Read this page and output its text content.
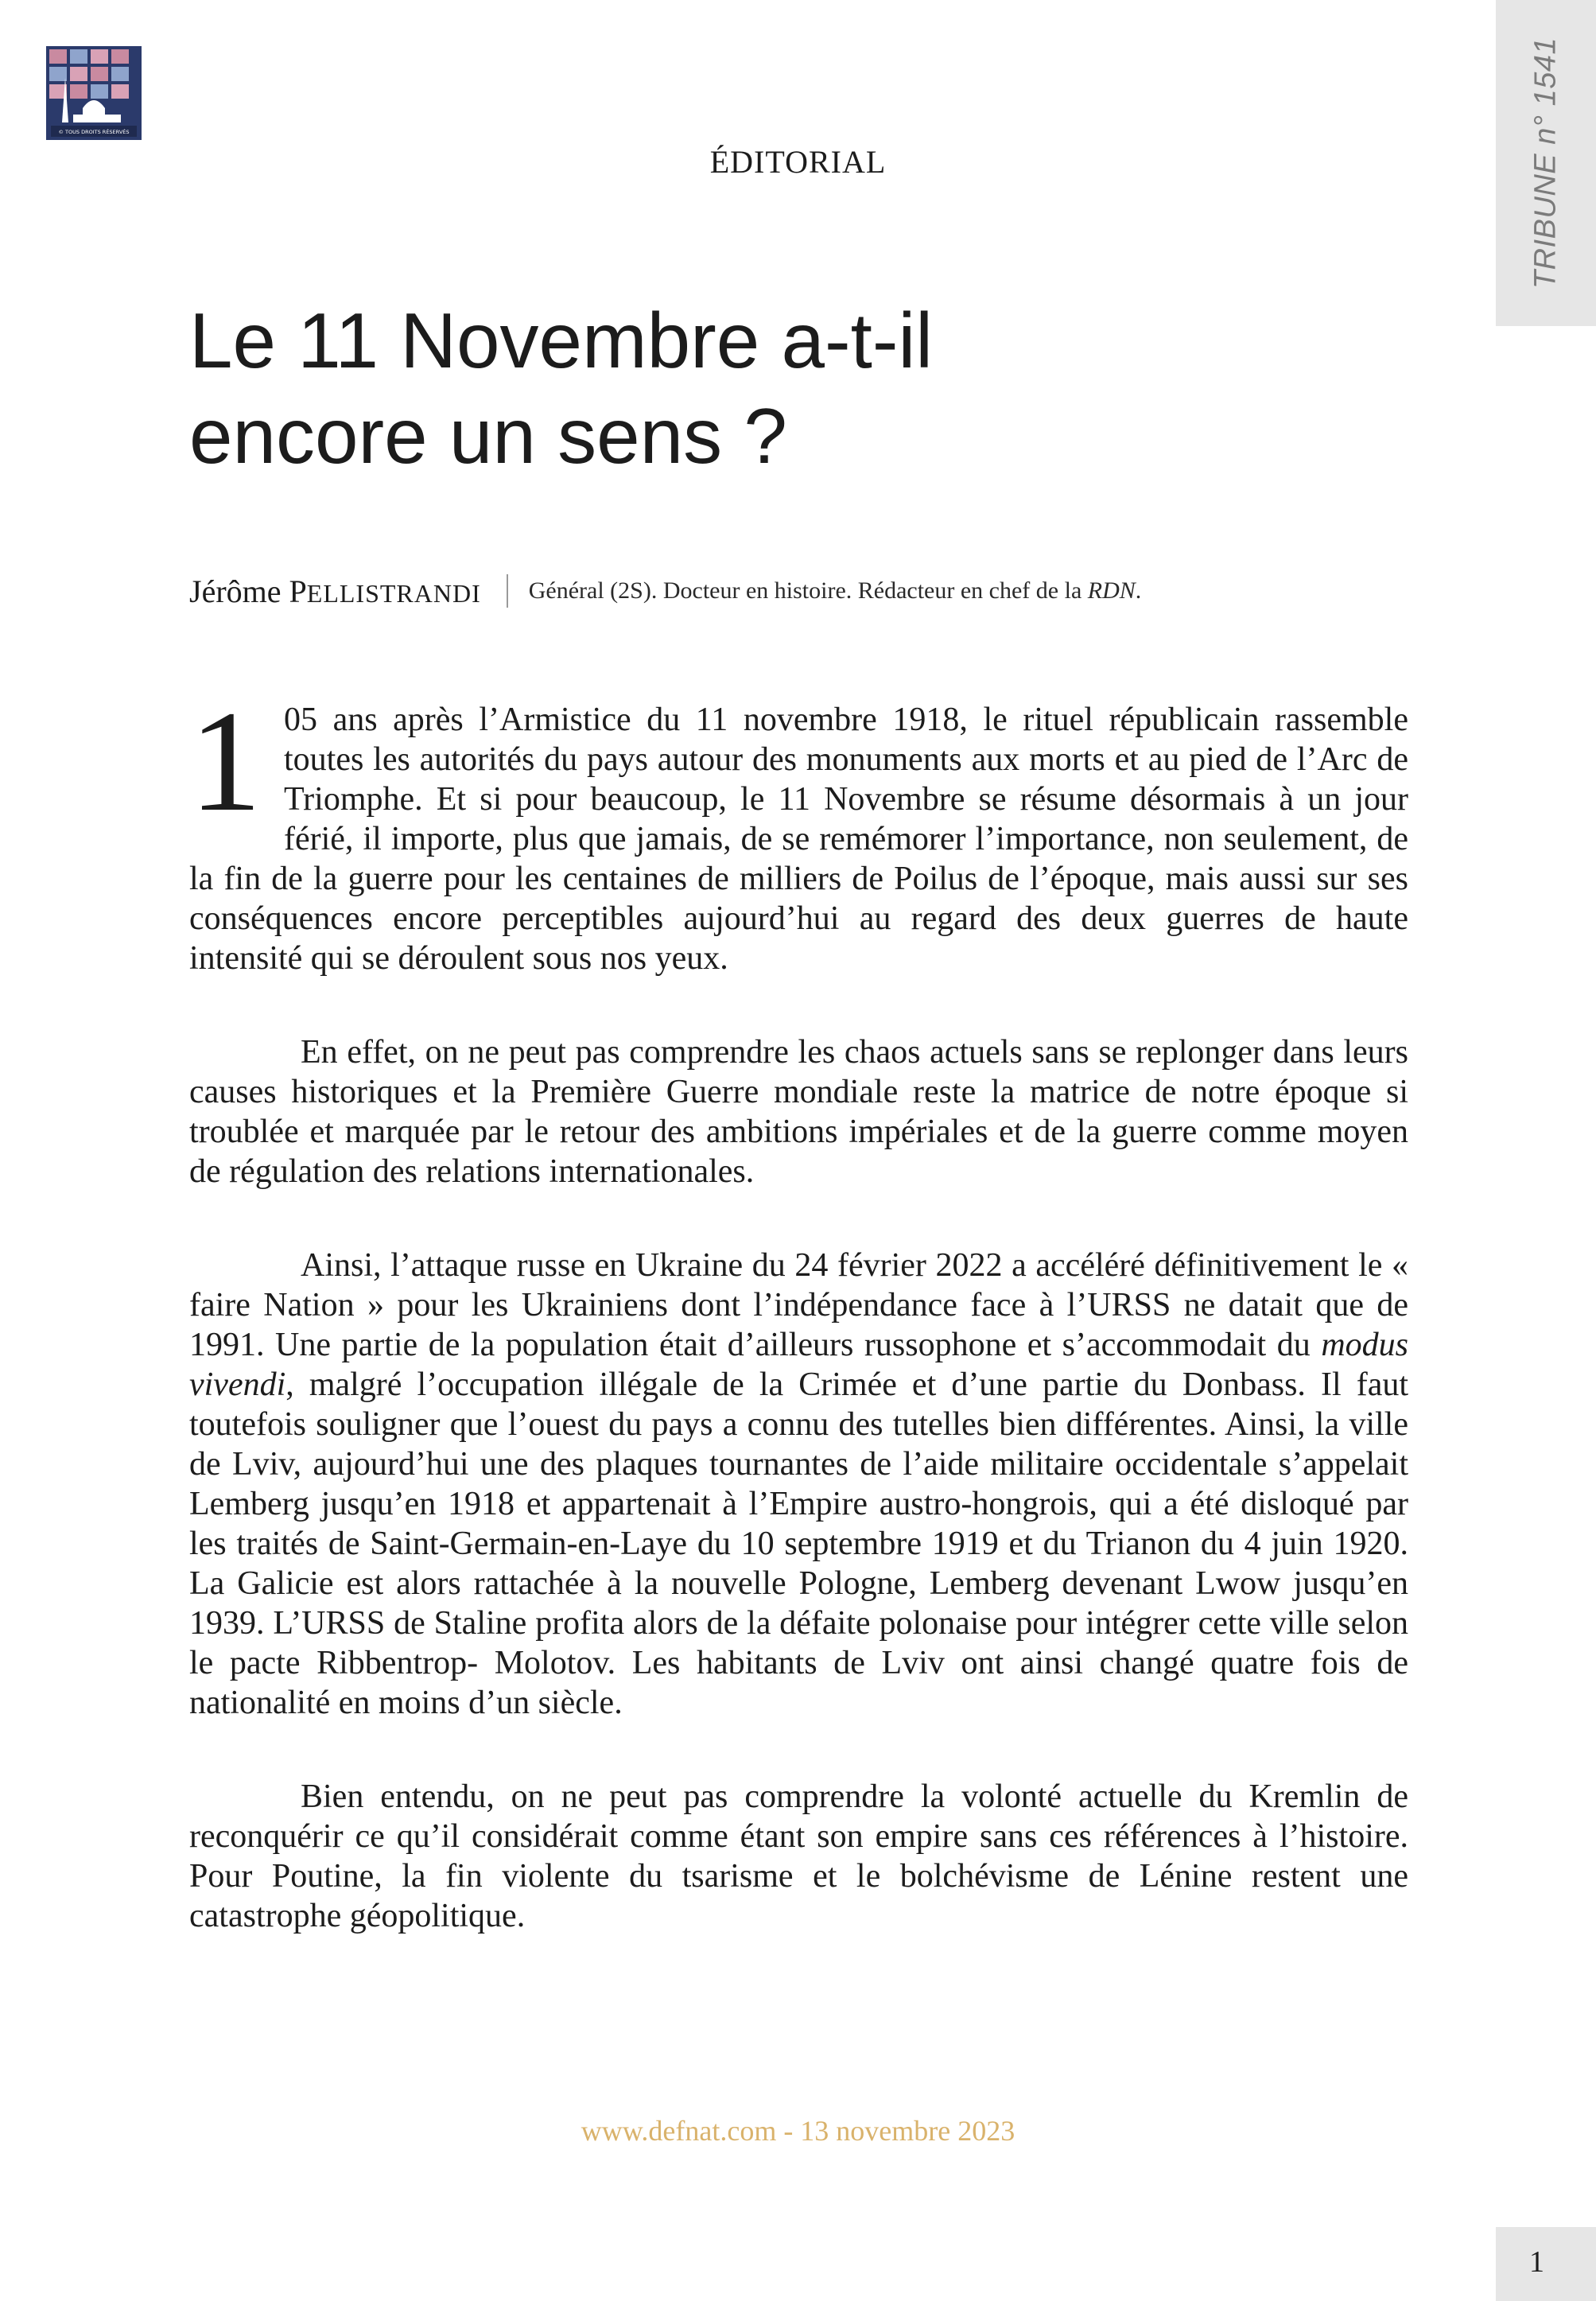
© TOUS DROITS RÉSERVÉS	TRIBUNE n° 1541
ÉDITORIAL
Le 11 Novembre a-t-il
encore un sens ?
Jérôme PELLISTRANDI Général (2S). Docteur en histoire. Rédacteur en chef de la RDN.

1 05 ans après l’Armistice du 11 novembre 1918, le rituel républicain rassemble toutes les autorités du pays autour des monuments aux morts et au pied de l’Arc de Triomphe. Et si pour beaucoup, le 11 Novembre se résume désormais à un jour férié, il importe, plus que jamais, de se remémorer l’importance, non seulement, de la fin de la guerre pour les centaines de milliers de Poilus de l’époque, mais aussi sur ses conséquences encore perceptibles aujourd’hui au regard des deux guerres de haute intensité qui se déroulent sous nos yeux.

En effet, on ne peut pas comprendre les chaos actuels sans se replonger dans leurs causes historiques et la Première Guerre mondiale reste la matrice de notre époque si troublée et marquée par le retour des ambitions impériales et de la guerre comme moyen de régulation des relations internationales.

Ainsi, l’attaque russe en Ukraine du 24 février 2022 a accéléré définitivement le « faire Nation » pour les Ukrainiens dont l’indépendance face à l’URSS ne datait que de 1991. Une partie de la population était d’ailleurs russophone et s’accommodait du modus vivendi, malgré l’occupation illégale de la Crimée et d’une partie du Donbass. Il faut toutefois souligner que l’ouest du pays a connu des tutelles bien différentes. Ainsi, la ville de Lviv, aujourd’hui une des plaques tournantes de l’aide militaire occidentale s’appelait Lemberg jusqu’en 1918 et appartenait à l’Empire austro-hongrois, qui a été disloqué par les traités de Saint-Germain-en-Laye du 10 septembre 1919 et du Trianon du 4 juin 1920. La Galicie est alors rattachée à la nouvelle Pologne, Lemberg devenant Lwow jusqu’en 1939. L’URSS de Staline profita alors de la défaite polonaise pour intégrer cette ville selon le pacte Ribbentrop- Molotov. Les habitants de Lviv ont ainsi changé quatre fois de nationalité en moins d’un siècle.

Bien entendu, on ne peut pas comprendre la volonté actuelle du Kremlin de reconquérir ce qu’il considérait comme étant son empire sans ces références à l’histoire. Pour Poutine, la fin violente du tsarisme et le bolchévisme de Lénine restent une catastrophe géopolitique.

www.defnat.com - 13 novembre 2023
1
